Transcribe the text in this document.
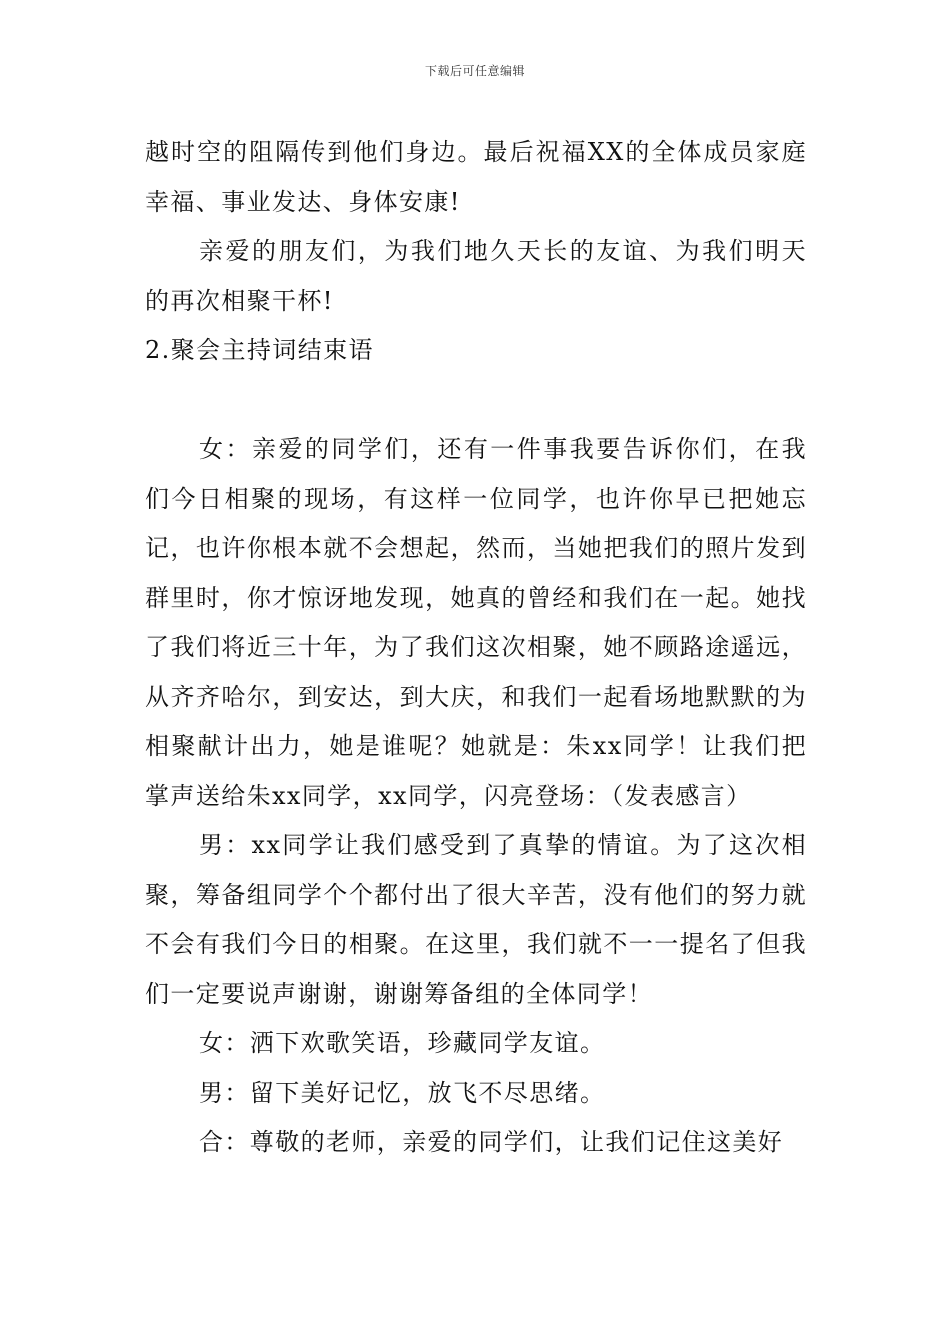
下载后可任意编辑

越时空的阻隔传到他们身边。最后祝福XX的全体成员家庭幸福、事业发达、身体安康!

亲爱的朋友们，为我们地久天长的友谊、为我们明天的再次相聚干杯!

2.聚会主持词结束语

女：亲爱的同学们，还有一件事我要告诉你们，在我们今日相聚的现场，有这样一位同学，也许你早已把她忘记，也许你根本就不会想起，然而，当她把我们的照片发到群里时，你才惊讶地发现，她真的曾经和我们在一起。她找了我们将近三十年，为了我们这次相聚，她不顾路途遥远，从齐齐哈尔，到安达，到大庆，和我们一起看场地默默的为相聚献计出力，她是谁呢？她就是：朱xx同学！让我们把掌声送给朱xx同学，xx同学，闪亮登场：（发表感言）

男：xx同学让我们感受到了真挚的情谊。为了这次相聚，筹备组同学个个都付出了很大辛苦，没有他们的努力就不会有我们今日的相聚。在这里，我们就不一一提名了但我们一定要说声谢谢，谢谢筹备组的全体同学！

女：洒下欢歌笑语，珍藏同学友谊。

男：留下美好记忆，放飞不尽思绪。

合：尊敬的老师，亲爱的同学们，让我们记住这美好
